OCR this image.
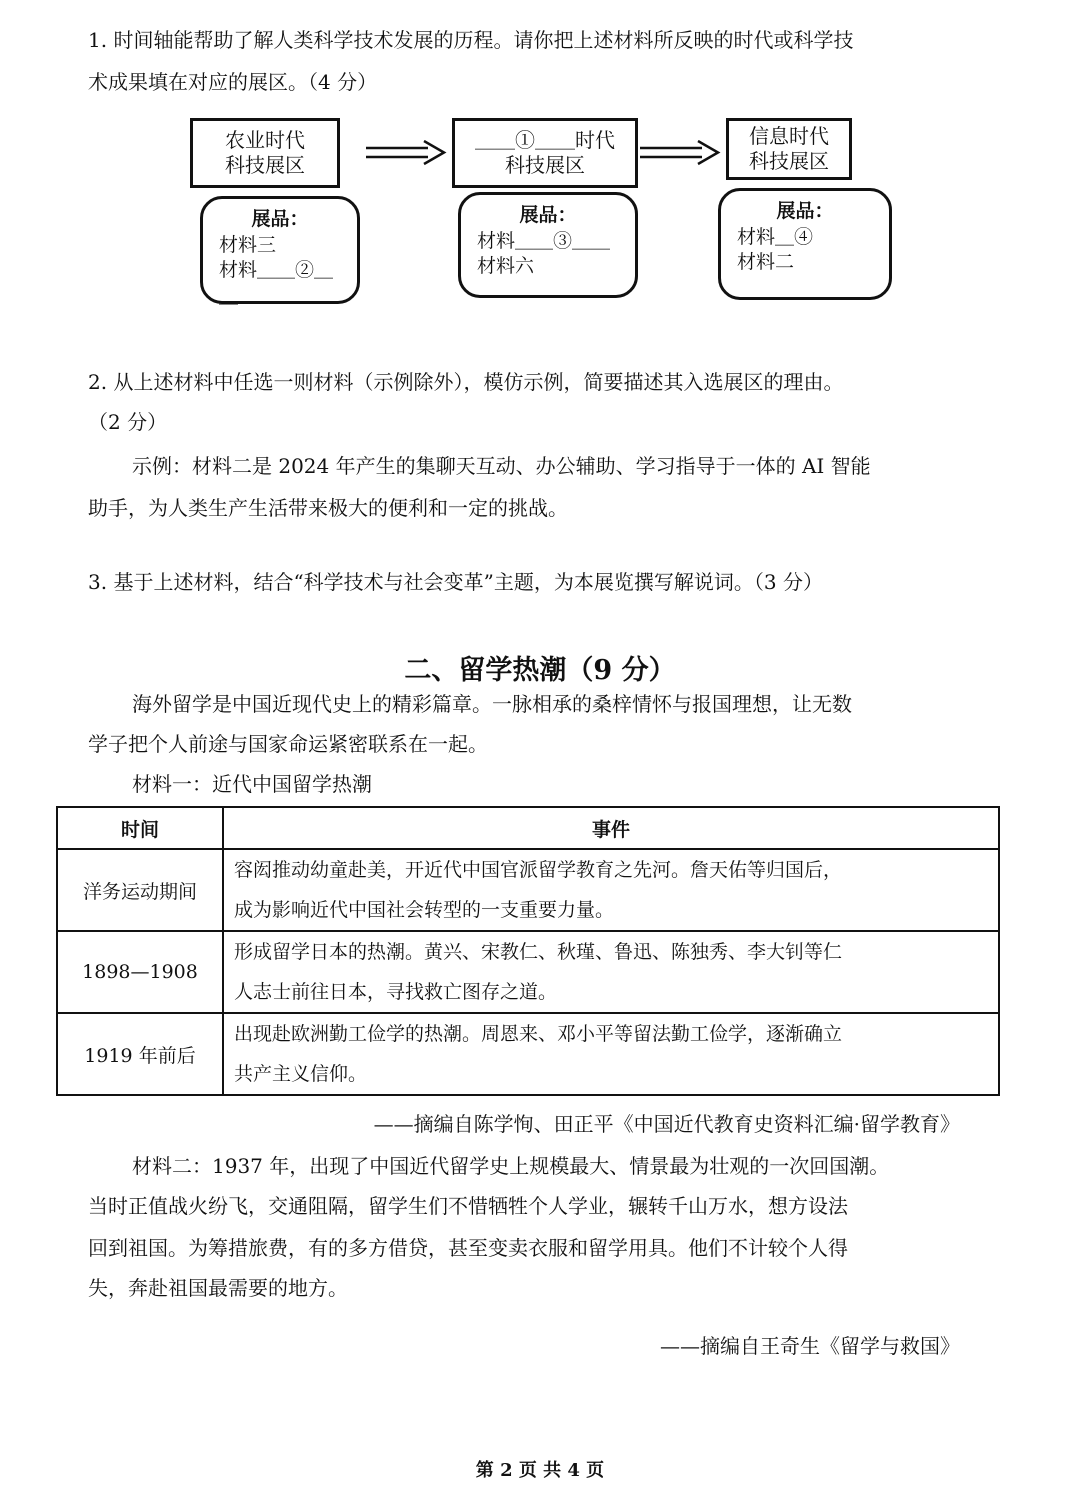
1. 时间轴能帮助了解人类科学技术发展的历程。请你把上述材料所反映的时代或科学技
术成果填在对应的展区。（4 分）
农业时代
科技展区
＿＿①＿＿时代
科技展区
信息时代
科技展区
展品：
材料三
材料＿＿②＿＿
展品：
材料＿＿③＿＿
材料六
展品：
材料＿④
材料二
2. 从上述材料中任选一则材料（示例除外），模仿示例，简要描述其入选展区的理由。
（2 分）
示例：材料二是 2024 年产生的集聊天互动、办公辅助、学习指导于一体的 AI 智能
助手，为人类生产生活带来极大的便利和一定的挑战。
3. 基于上述材料，结合“科学技术与社会变革”主题，为本展览撰写解说词。（3 分）
二、留学热潮（9 分）
海外留学是中国近现代史上的精彩篇章。一脉相承的桑梓情怀与报国理想，让无数
学子把个人前途与国家命运紧密联系在一起。
材料一：近代中国留学热潮
时间	事件
洋务运动期间	容闳推动幼童赴美，开近代中国官派留学教育之先河。詹天佑等归国后，
成为影响近代中国社会转型的一支重要力量。

1898—1908	形成留学日本的热潮。黄兴、宋教仁、秋瑾、鲁迅、陈独秀、李大钊等仁
人志士前往日本，寻找救亡图存之道。

1919 年前后	出现赴欧洲勤工俭学的热潮。周恩来、邓小平等留法勤工俭学，逐渐确立
共产主义信仰。
——摘编自陈学恂、田正平《中国近代教育史资料汇编·留学教育》
材料二：1937 年，出现了中国近代留学史上规模最大、情景最为壮观的一次回国潮。
当时正值战火纷飞，交通阻隔，留学生们不惜牺牲个人学业，辗转千山万水，想方设法
回到祖国。为筹措旅费，有的多方借贷，甚至变卖衣服和留学用具。他们不计较个人得
失，奔赴祖国最需要的地方。
——摘编自王奇生《留学与救国》
第 2 页 共 4 页
